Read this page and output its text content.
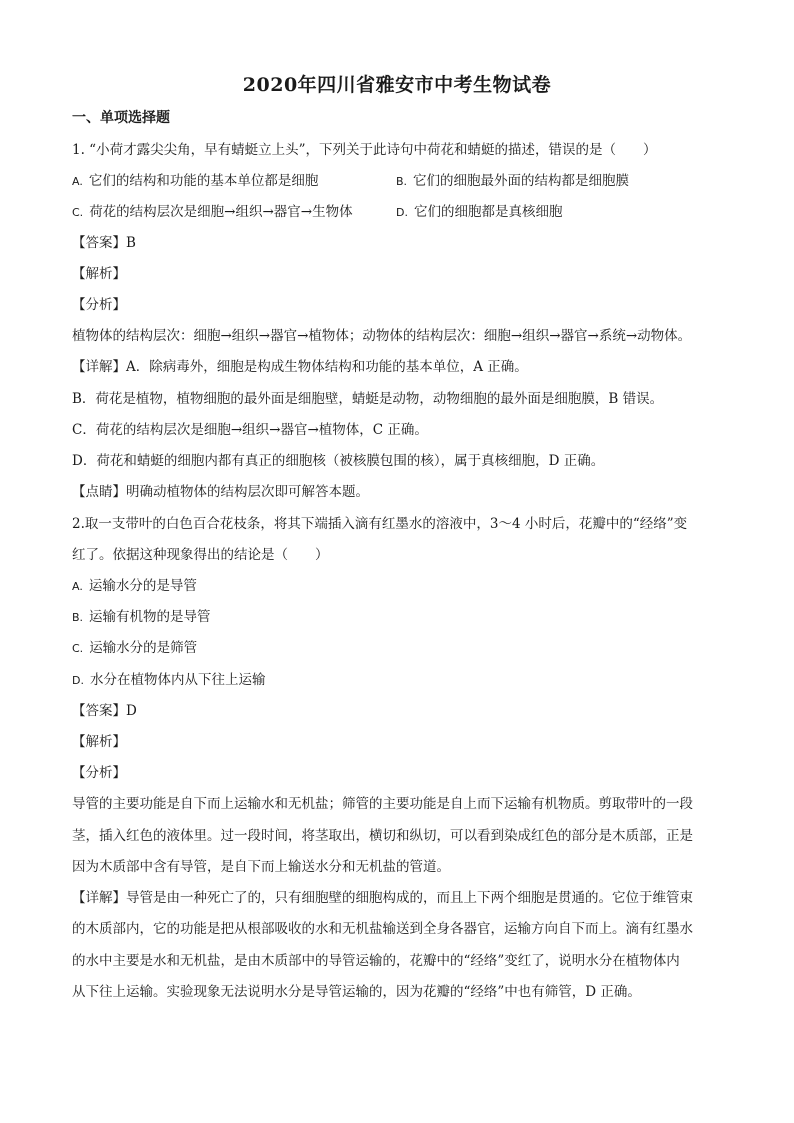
2020年四川省雅安市中考生物试卷
一、单项选择题
1. “小荷才露尖尖角，早有蜻蜓立上头”，下列关于此诗句中荷花和蜻蜓的描述，错误的是（　　）
A. 它们的结构和功能的基本单位都是细胞	B. 它们的细胞最外面的结构都是细胞膜
C. 荷花的结构层次是细胞→组织→器官→生物体	D. 它们的细胞都是真核细胞
【答案】B
【解析】
【分析】
植物体的结构层次：细胞→组织→器官→植物体；动物体的结构层次：细胞→组织→器官→系统→动物体。
【详解】A．除病毒外，细胞是构成生物体结构和功能的基本单位，A 正确。
B．荷花是植物，植物细胞的最外面是细胞壁，蜻蜓是动物，动物细胞的最外面是细胞膜，B 错误。
C．荷花的结构层次是细胞→组织→器官→植物体，C 正确。
D．荷花和蜻蜓的细胞内都有真正的细胞核（被核膜包围的核），属于真核细胞，D 正确。
【点睛】明确动植物体的结构层次即可解答本题。
2.取一支带叶的白色百合花枝条，将其下端插入滴有红墨水的溶液中，3～4 小时后，花瓣中的“经络”变
红了。依据这种现象得出的结论是（　　）
A. 运输水分的是导管
B. 运输有机物的是导管
C. 运输水分的是筛管
D. 水分在植物体内从下往上运输
【答案】D
【解析】
【分析】
导管的主要功能是自下而上运输水和无机盐；筛管的主要功能是自上而下运输有机物质。剪取带叶的一段
茎，插入红色的液体里。过一段时间，将茎取出，横切和纵切，可以看到染成红色的部分是木质部，正是
因为木质部中含有导管，是自下而上输送水分和无机盐的管道。
【详解】导管是由一种死亡了的，只有细胞壁的细胞构成的，而且上下两个细胞是贯通的。它位于维管束
的木质部内，它的功能是把从根部吸收的水和无机盐输送到全身各器官，运输方向自下而上。滴有红墨水
的水中主要是水和无机盐，是由木质部中的导管运输的，花瓣中的“经络”变红了，说明水分在植物体内
从下往上运输。实验现象无法说明水分是导管运输的，因为花瓣的“经络”中也有筛管，D 正确。
